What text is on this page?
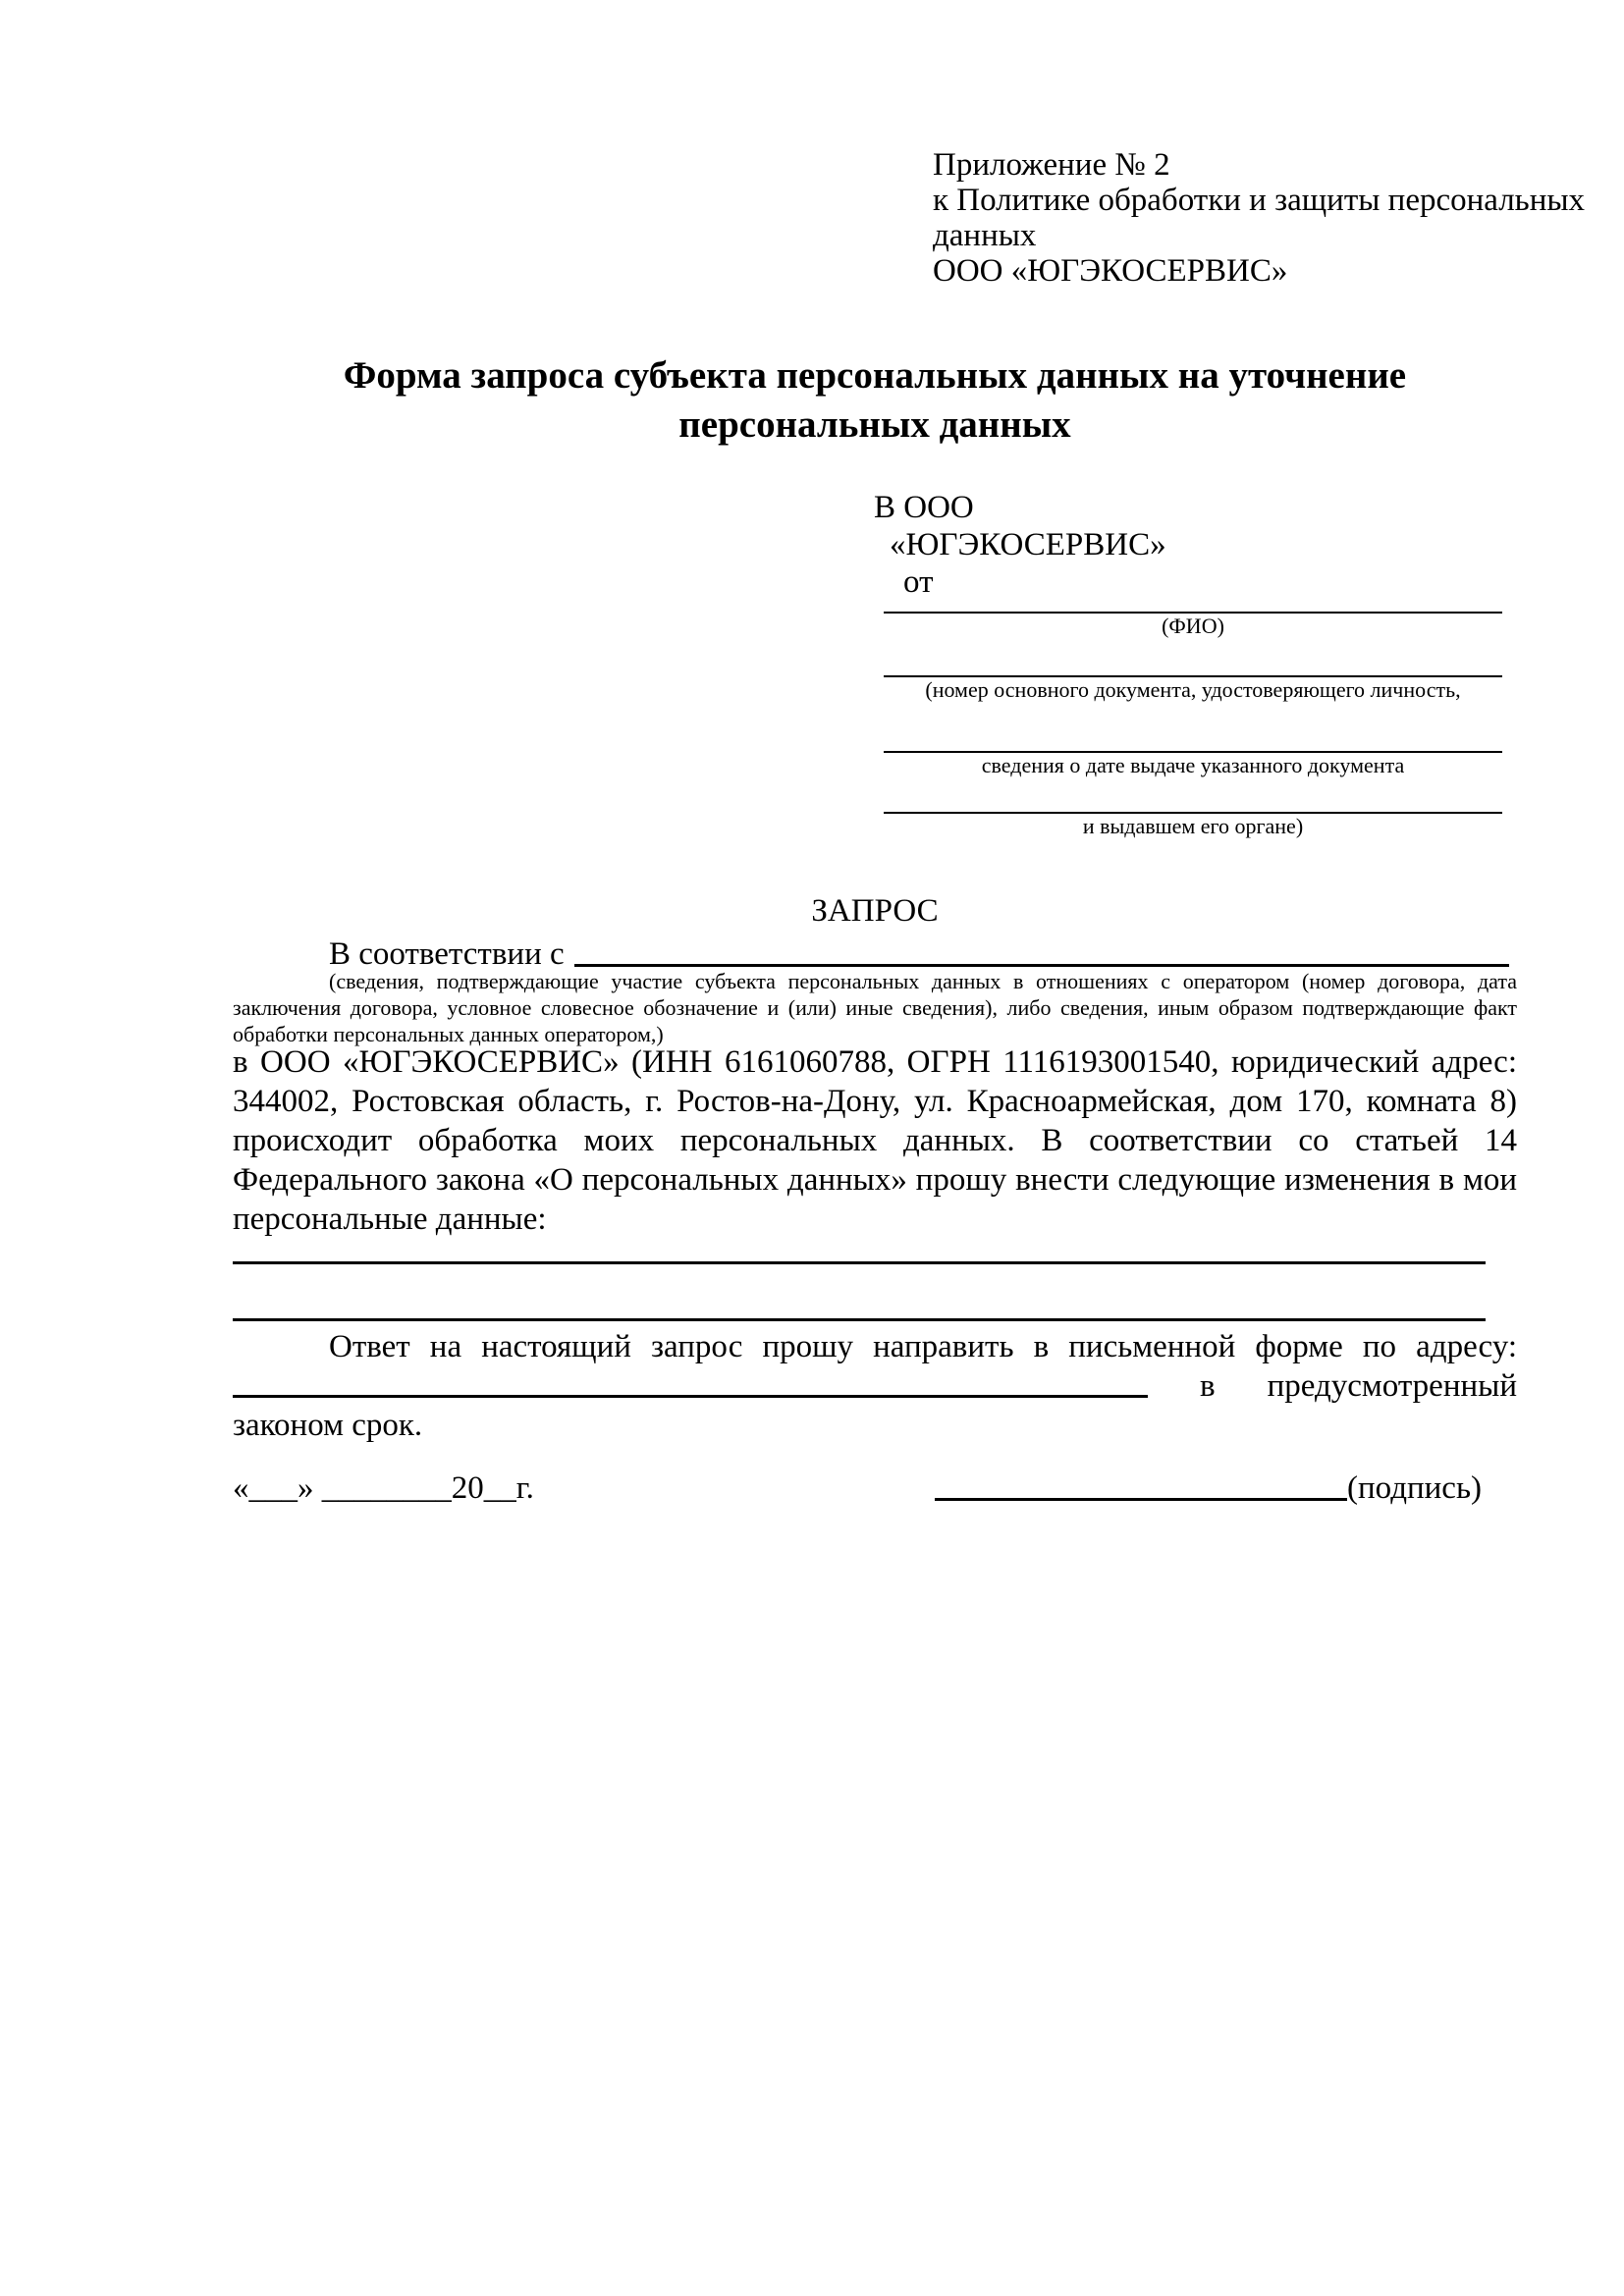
Приложение № 2
к Политике обработки и защиты персональных
данных
ООО «ЮГЭКОСЕРВИС»
Форма запроса субъекта персональных данных на уточнение персональных данных
В ООО
«ЮГЭКОСЕРВИС»
от
(ФИО)
(номер основного документа, удостоверяющего личность,
сведения о дате выдаче указанного документа
и выдавшем его органе)
ЗАПРОС
В соответствии с

(сведения, подтверждающие участие субъекта персональных данных в отношениях с оператором (номер договора, дата заключения договора, условное словесное обозначение и (или) иные сведения), либо сведения, иным образом подтверждающие факт обработки персональных данных оператором,)

в ООО «ЮГЭКОСЕРВИС» (ИНН 6161060788, ОГРН 1116193001540, юридический адрес: 344002, Ростовская область, г. Ростов-на-Дону, ул. Красноармейская, дом 170, комната 8) происходит обработка моих персональных данных. В соответствии со статьей 14 Федерального закона «О персональных данных» прошу внести следующие изменения в мои персональные данные:

Ответ на настоящий запрос прошу направить в письменной форме по адресу:
в предусмотренный
законом срок.
«___» ________20__г.	(подпись)
